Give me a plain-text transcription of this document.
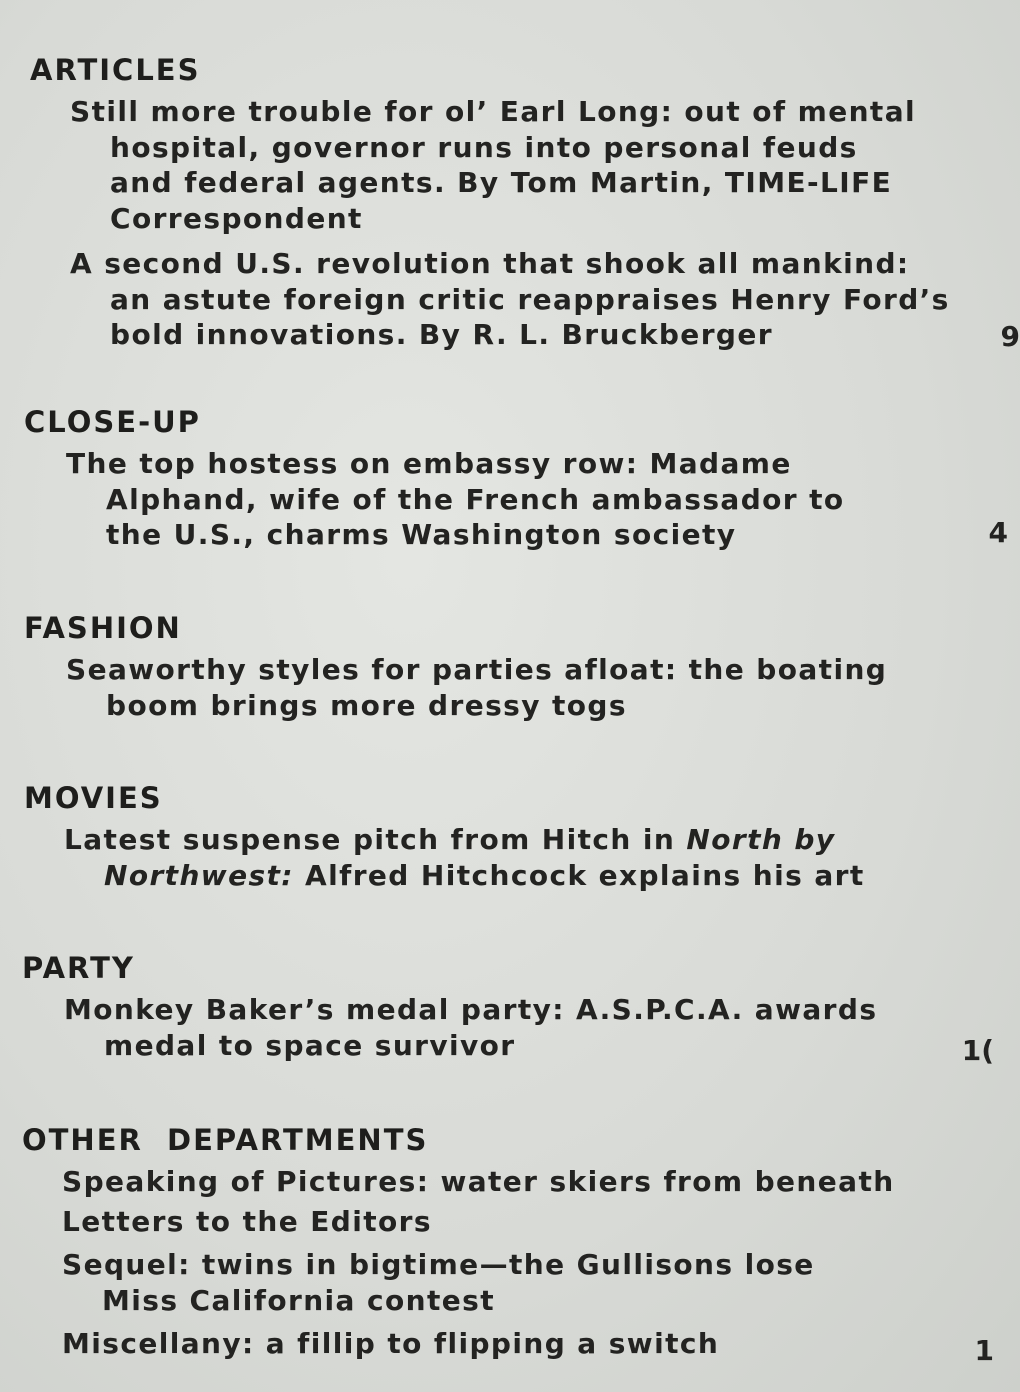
ARTICLES
Still more trouble for ol’ Earl Long: out of mental
hospital, governor runs into personal feuds
and federal agents. By Tom Martin, TIME-LIFE
Correspondent
A second U.S. revolution that shook all mankind:
an astute foreign critic reappraises Henry Ford’s
bold innovations. By R. L. Bruckberger	9
CLOSE-UP
The top hostess on embassy row: Madame
Alphand, wife of the French ambassador to
the U.S., charms Washington society	4
FASHION
Seaworthy styles for parties afloat: the boating
boom brings more dressy togs
MOVIES
Latest suspense pitch from Hitch in North by
Northwest: Alfred Hitchcock explains his art
PARTY
Monkey Baker’s medal party: A.S.P.C.A. awards
medal to space survivor	1(
OTHER  DEPARTMENTS
Speaking of Pictures: water skiers from beneath
Letters to the Editors
Sequel: twins in bigtime—the Gullisons lose
Miss California contest
Miscellany: a fillip to flipping a switch	1
